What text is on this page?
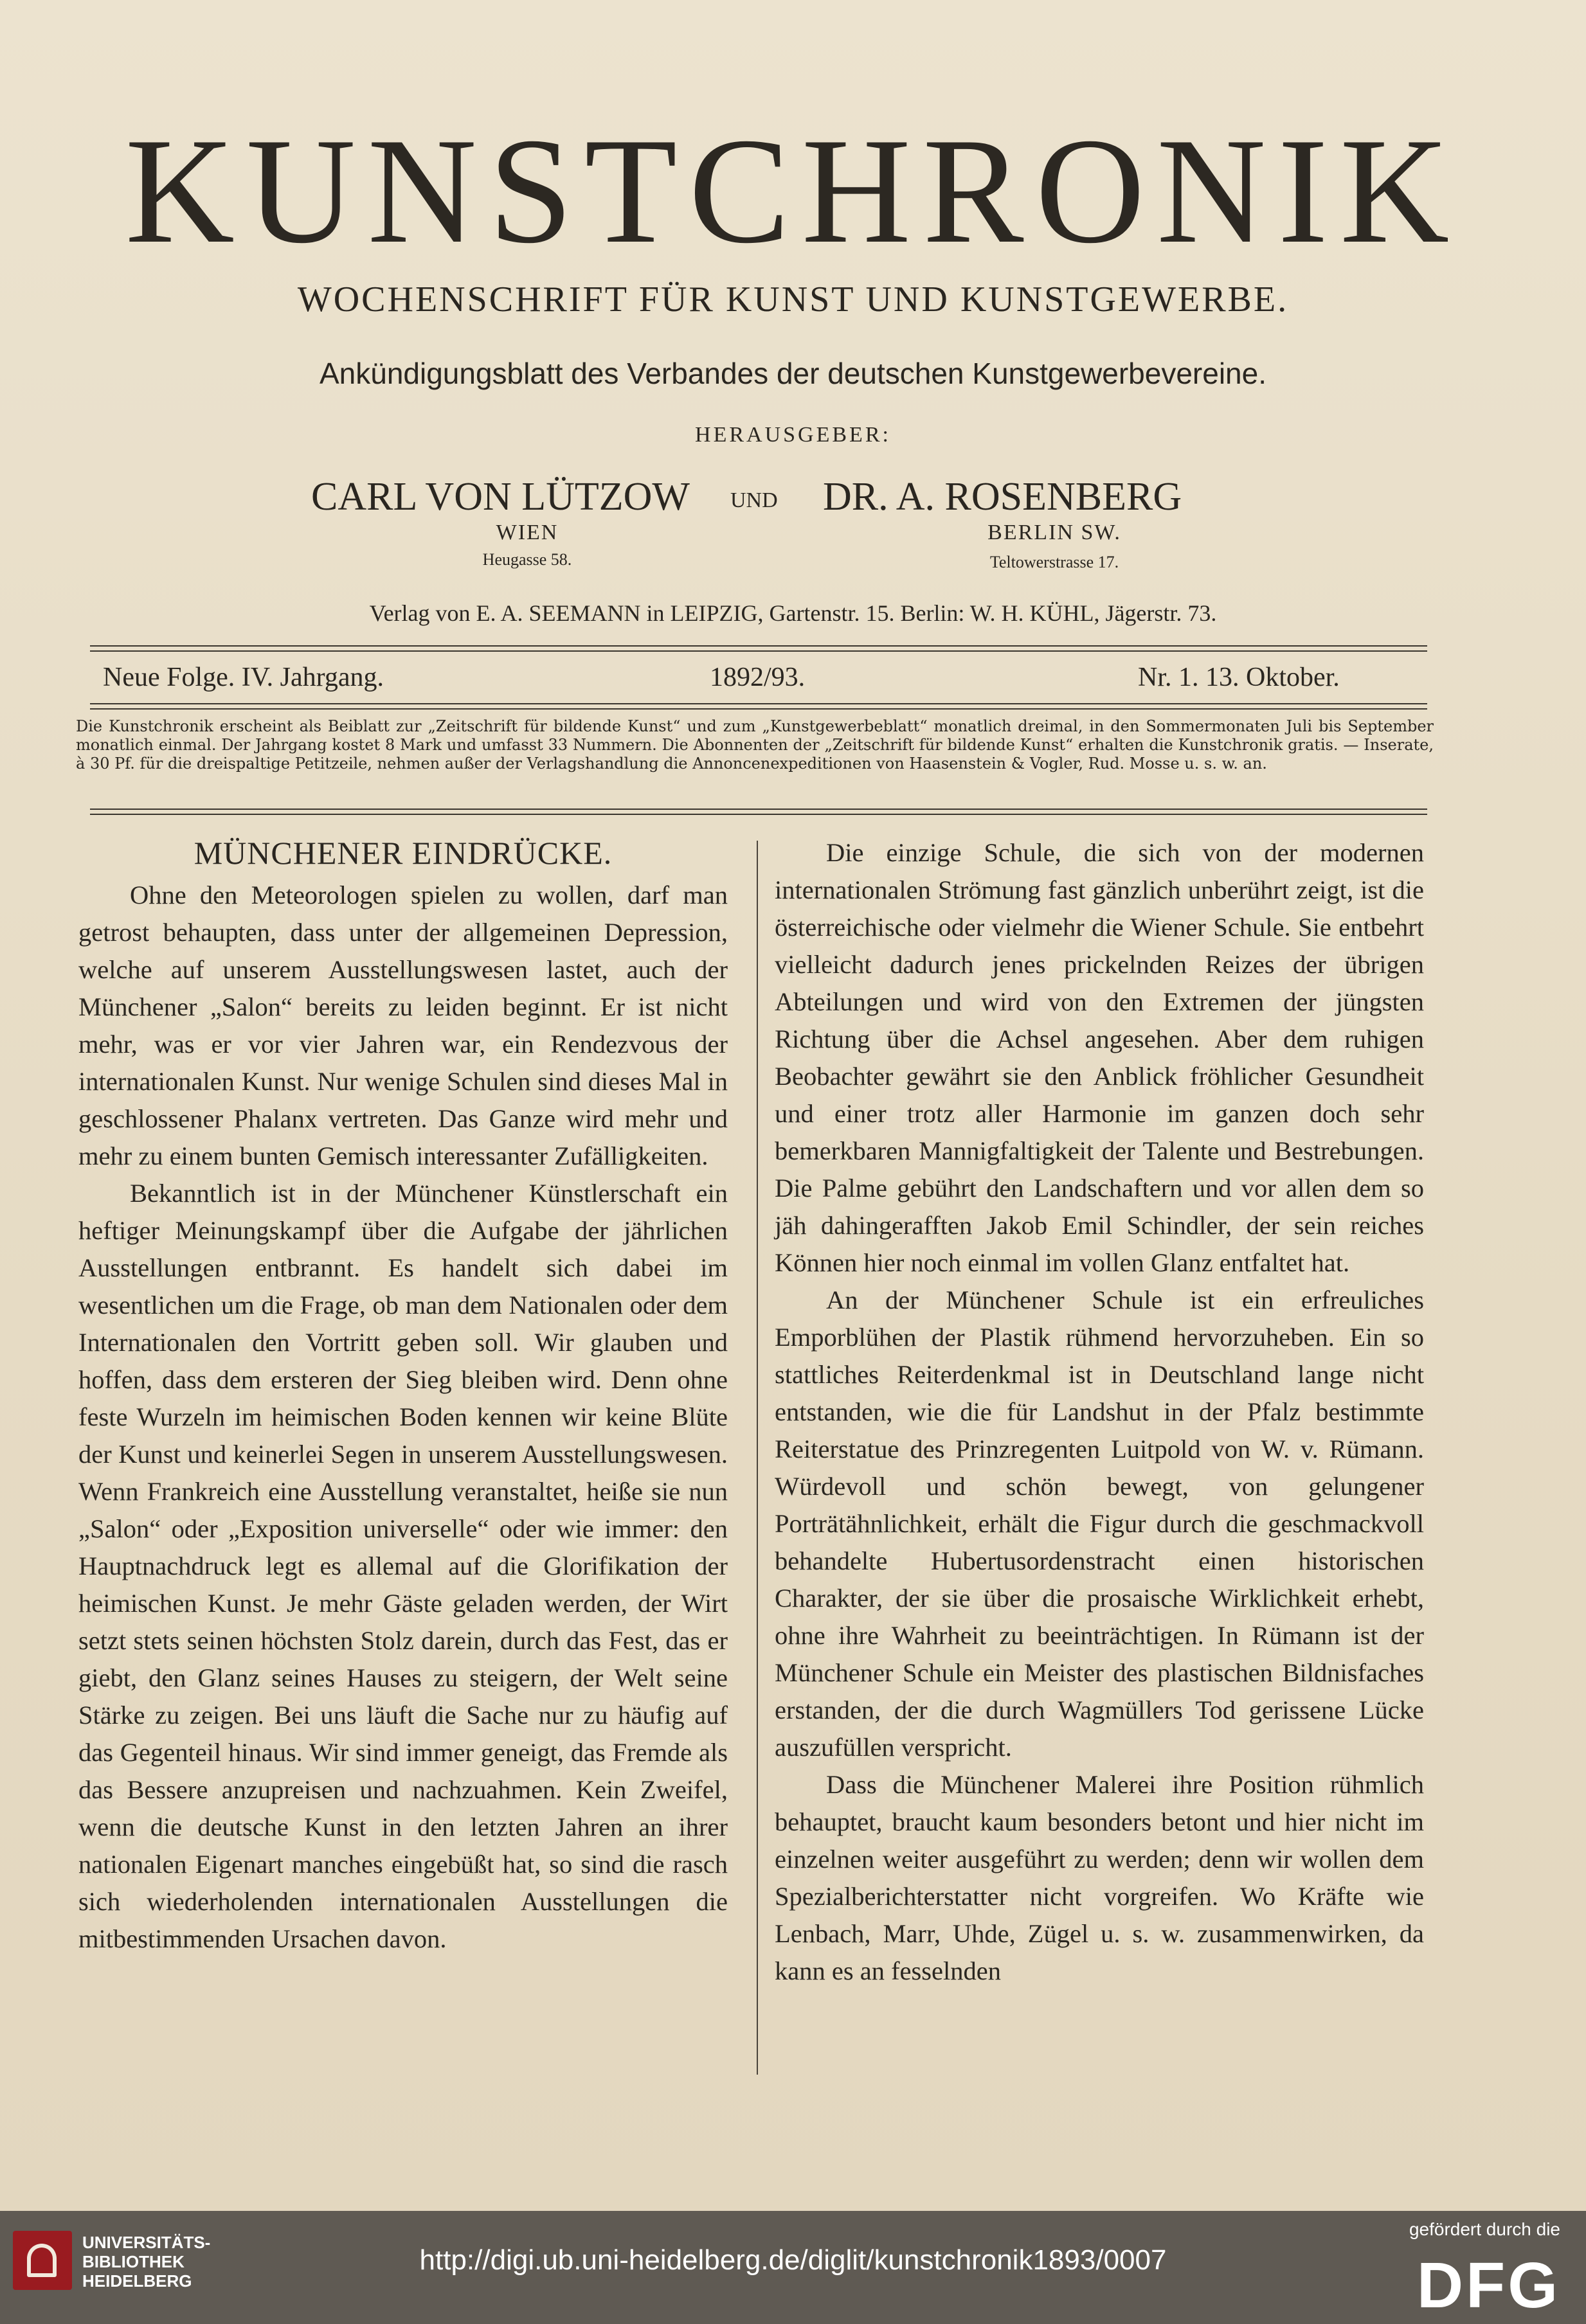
KUNSTCHRONIK
WOCHENSCHRIFT FÜR KUNST UND KUNSTGEWERBE.
Ankündigungsblatt des Verbandes der deutschen Kunstgewerbevereine.
HERAUSGEBER:
CARL VON LÜTZOW UND DR. A. ROSENBERG
WIEN
Heugasse 58.
BERLIN SW.
Teltowerstrasse 17.
Verlag von E. A. SEEMANN in LEIPZIG, Gartenstr. 15. Berlin: W. H. KÜHL, Jägerstr. 73.
Neue Folge. IV. Jahrgang.	1892/93.	Nr. 1. 13. Oktober.
Die Kunstchronik erscheint als Beiblatt zur „Zeitschrift für bildende Kunst“ und zum „Kunstgewerbeblatt“ monatlich dreimal, in den Sommermonaten Juli bis September monatlich einmal. Der Jahrgang kostet 8 Mark und umfasst 33 Nummern. Die Abonnenten der „Zeitschrift für bildende Kunst“ erhalten die Kunstchronik gratis. — Inserate, à 30 Pf. für die dreispaltige Petitzeile, nehmen außer der Verlagshandlung die Annoncenexpeditionen von Haasenstein & Vogler, Rud. Mosse u. s. w. an.
MÜNCHENER EINDRÜCKE.

Ohne den Meteorologen spielen zu wollen, darf man getrost behaupten, dass unter der allgemeinen Depression, welche auf unserem Ausstellungswesen lastet, auch der Münchener „Salon“ bereits zu leiden beginnt. Er ist nicht mehr, was er vor vier Jahren war, ein Rendezvous der internationalen Kunst. Nur wenige Schulen sind dieses Mal in geschlossener Phalanx vertreten. Das Ganze wird mehr und mehr zu einem bunten Gemisch interessanter Zufälligkeiten.

Bekanntlich ist in der Münchener Künstlerschaft ein heftiger Meinungskampf über die Aufgabe der jährlichen Ausstellungen entbrannt. Es handelt sich dabei im wesentlichen um die Frage, ob man dem Nationalen oder dem Internationalen den Vortritt geben soll. Wir glauben und hoffen, dass dem ersteren der Sieg bleiben wird. Denn ohne feste Wurzeln im heimischen Boden kennen wir keine Blüte der Kunst und keinerlei Segen in unserem Ausstellungswesen. Wenn Frankreich eine Ausstellung veranstaltet, heiße sie nun „Salon“ oder „Exposition universelle“ oder wie immer: den Hauptnachdruck legt es allemal auf die Glorifikation der heimischen Kunst. Je mehr Gäste geladen werden, der Wirt setzt stets seinen höchsten Stolz darein, durch das Fest, das er giebt, den Glanz seines Hauses zu steigern, der Welt seine Stärke zu zeigen. Bei uns läuft die Sache nur zu häufig auf das Gegenteil hinaus. Wir sind immer geneigt, das Fremde als das Bessere anzupreisen und nachzuahmen. Kein Zweifel, wenn die deutsche Kunst in den letzten Jahren an ihrer nationalen Eigenart manches eingebüßt hat, so sind die rasch sich wiederholenden internationalen Ausstellungen die mitbestimmenden Ursachen davon.

Die einzige Schule, die sich von der modernen internationalen Strömung fast gänzlich unberührt zeigt, ist die österreichische oder vielmehr die Wiener Schule. Sie entbehrt vielleicht dadurch jenes prickelnden Reizes der übrigen Abteilungen und wird von den Extremen der jüngsten Richtung über die Achsel angesehen. Aber dem ruhigen Beobachter gewährt sie den Anblick fröhlicher Gesundheit und einer trotz aller Harmonie im ganzen doch sehr bemerkbaren Mannigfaltigkeit der Talente und Bestrebungen. Die Palme gebührt den Landschaftern und vor allen dem so jäh dahingerafften Jakob Emil Schindler, der sein reiches Können hier noch einmal im vollen Glanz entfaltet hat.

An der Münchener Schule ist ein erfreuliches Emporblühen der Plastik rühmend hervorzuheben. Ein so stattliches Reiterdenkmal ist in Deutschland lange nicht entstanden, wie die für Landshut in der Pfalz bestimmte Reiterstatue des Prinzregenten Luitpold von W. v. Rümann. Würdevoll und schön bewegt, von gelungener Porträtähnlichkeit, erhält die Figur durch die geschmackvoll behandelte Hubertusordenstracht einen historischen Charakter, der sie über die prosaische Wirklichkeit erhebt, ohne ihre Wahrheit zu beeinträchtigen. In Rümann ist der Münchener Schule ein Meister des plastischen Bildnisfaches erstanden, der die durch Wagmüllers Tod gerissene Lücke auszufüllen verspricht.

Dass die Münchener Malerei ihre Position rühmlich behauptet, braucht kaum besonders betont und hier nicht im einzelnen weiter ausgeführt zu werden; denn wir wollen dem Spezialberichterstatter nicht vorgreifen. Wo Kräfte wie Lenbach, Marr, Uhde, Zügel u. s. w. zusammenwirken, da kann es an fesselnden

UNIVERSITÄTS-
BIBLIOTHEK
HEIDELBERG
http://digi.ub.uni-heidelberg.de/diglit/kunstchronik1893/0007
gefördert durch die
DFG
